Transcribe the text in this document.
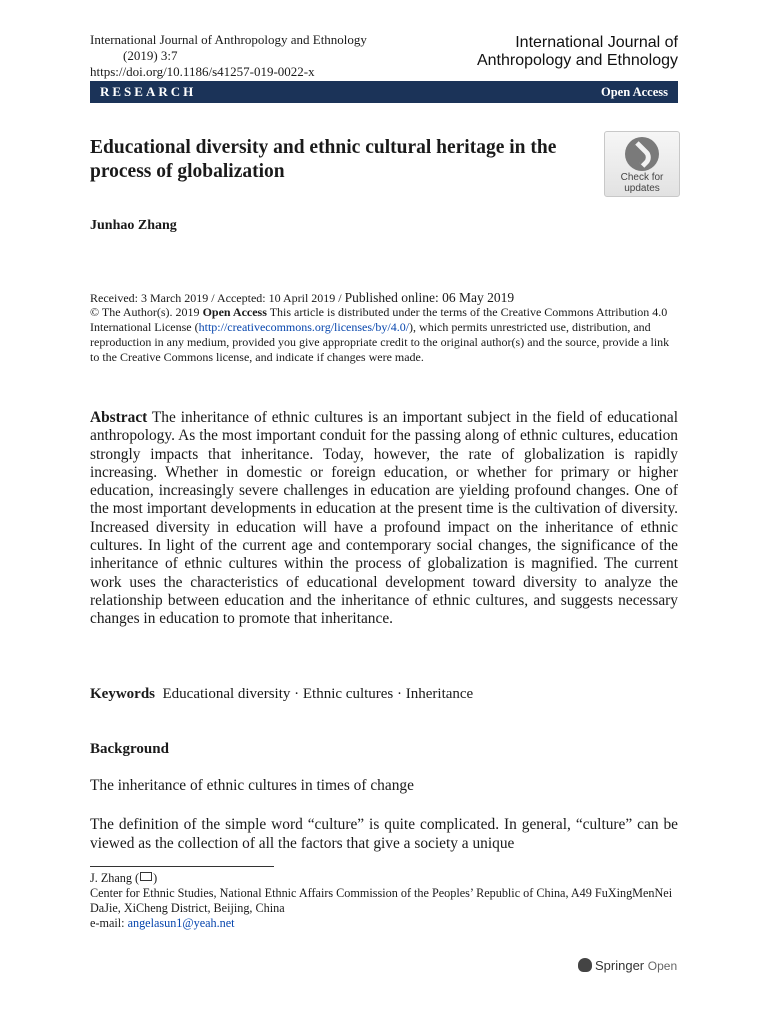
International Journal of Anthropology and Ethnology
(2019) 3:7
https://doi.org/10.1186/s41257-019-0022-x
International Journal of
Anthropology and Ethnology
RESEARCH	Open Access
Educational diversity and ethnic cultural heritage in the process of globalization	Check for
updates
Junhao Zhang
Received: 3 March 2019 / Accepted: 10 April 2019 / Published online: 06 May 2019
© The Author(s). 2019 Open Access This article is distributed under the terms of the Creative Commons Attribution 4.0 International License (http://creativecommons.org/licenses/by/4.0/), which permits unrestricted use, distribution, and reproduction in any medium, provided you give appropriate credit to the original author(s) and the source, provide a link to the Creative Commons license, and indicate if changes were made.
Abstract The inheritance of ethnic cultures is an important subject in the field of educational anthropology. As the most important conduit for the passing along of ethnic cultures, education strongly impacts that inheritance. Today, however, the rate of globalization is rapidly increasing. Whether in domestic or foreign education, or whether for primary or higher education, increasingly severe challenges in education are yielding profound changes. One of the most important developments in education at the present time is the cultivation of diversity. Increased diversity in education will have a profound impact on the inheritance of ethnic cultures. In light of the current age and contemporary social changes, the significance of the inheritance of ethnic cultures within the process of globalization is magnified. The current work uses the characteristics of educational development toward diversity to analyze the relationship between education and the inheritance of ethnic cultures, and suggests necessary changes in education to promote that inheritance.
Keywords Educational diversity · Ethnic cultures · Inheritance
Background
The inheritance of ethnic cultures in times of change
The definition of the simple word “culture” is quite complicated. In general, “culture” can be viewed as the collection of all the factors that give a society a unique
J. Zhang ( )
Center for Ethnic Studies, National Ethnic Affairs Commission of the Peoples’ Republic of China, A49 FuXingMenNei DaJie, XiCheng District, Beijing, China
e-mail: angelasun1@yeah.net
Springer Open
